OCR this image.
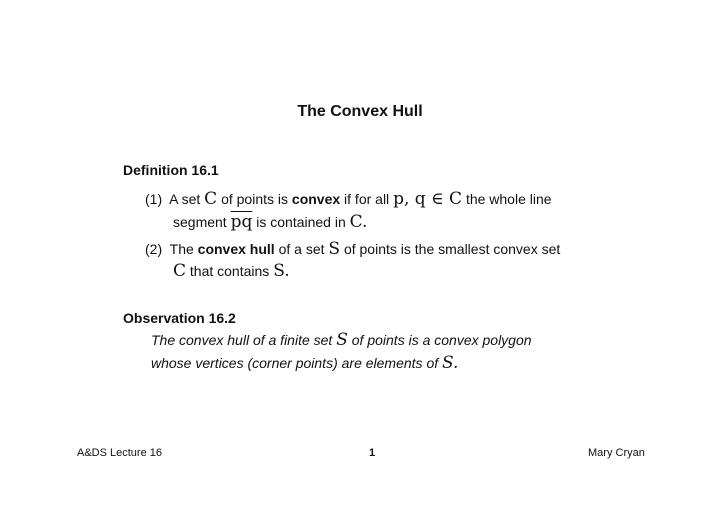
The Convex Hull
Definition 16.1
(1) A set C of points is convex if for all p, q ∈ C the whole line
segment $\overline{pq}$ is contained in C.
(2) The convex hull of a set S of points is the smallest convex set
C that contains S.
Observation 16.2
The convex hull of a finite set S of points is a convex polygon
whose vertices (corner points) are elements of S.
A&DS Lecture 16	1	Mary Cryan
